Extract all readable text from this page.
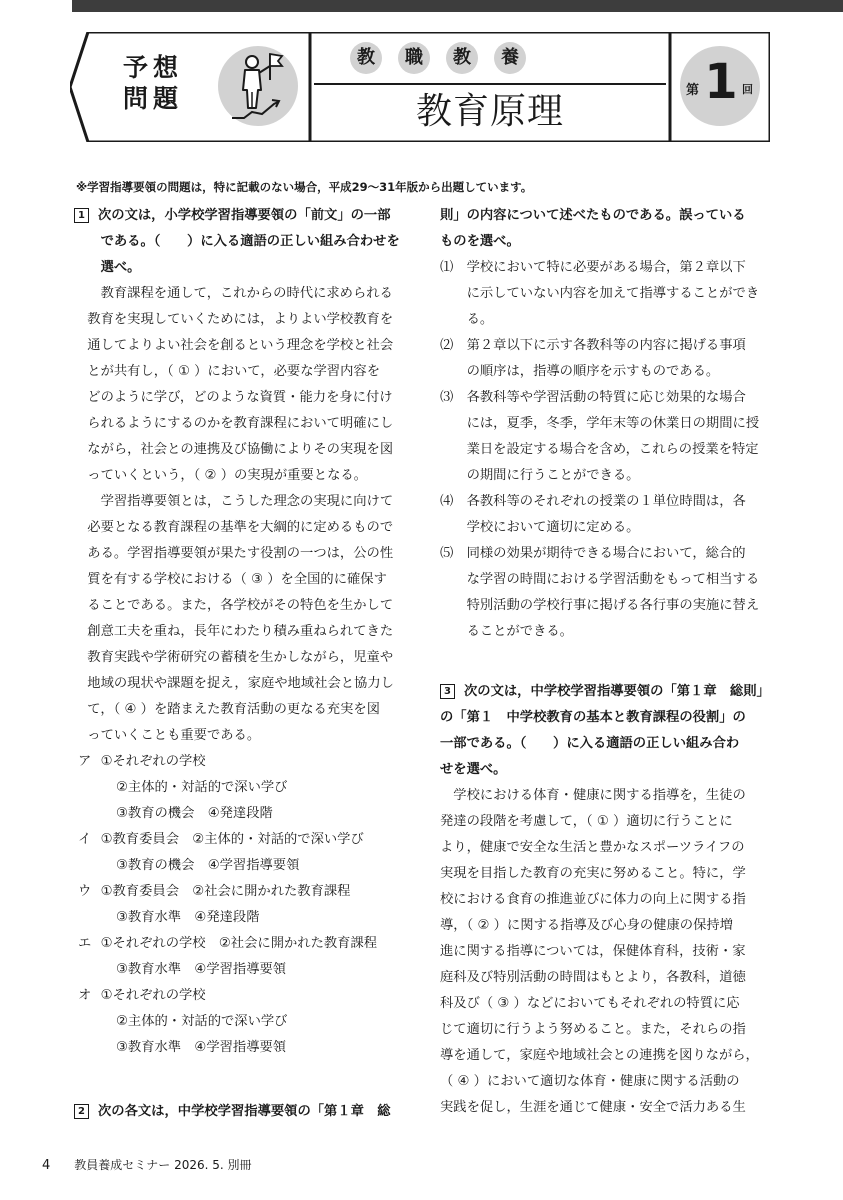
予想
問題
教	職	教	養
教育原理
第 1 回
※学習指導要領の問題は，特に記載のない場合，平成29～31年版から出題しています。
1 次の文は，小学校学習指導要領の「前文」の一部
である。（　　）に入る適語の正しい組み合わせを
選べ。
教育課程を通して，これからの時代に求められる
教育を実現していくためには，よりよい学校教育を
通してよりよい社会を創るという理念を学校と社会
とが共有し，（ ① ）において，必要な学習内容を
どのように学び，どのような資質・能力を身に付け
られるようにするのかを教育課程において明確にし
ながら，社会との連携及び協働によりその実現を図
っていくという，（ ② ）の実現が重要となる。
学習指導要領とは，こうした理念の実現に向けて
必要となる教育課程の基準を大綱的に定めるもので
ある。学習指導要領が果たす役割の一つは，公の性
質を有する学校における（ ③ ）を全国的に確保す
ることである。また，各学校がその特色を生かして
創意工夫を重ね，長年にわたり積み重ねられてきた
教育実践や学術研究の蓄積を生かしながら，児童や
地域の現状や課題を捉え，家庭や地域社会と協力し
て，（ ④ ）を踏まえた教育活動の更なる充実を図
っていくことも重要である。
ア ①それぞれの学校
②主体的・対話的で深い学び
③教育の機会　④発達段階
イ ①教育委員会　②主体的・対話的で深い学び
③教育の機会　④学習指導要領
ウ ①教育委員会　②社会に開かれた教育課程
③教育水準　④発達段階
エ ①それぞれの学校　②社会に開かれた教育課程
③教育水準　④学習指導要領
オ ①それぞれの学校
②主体的・対話的で深い学び
③教育水準　④学習指導要領
2 次の各文は，中学校学習指導要領の「第１章　総
則」の内容について述べたものである。誤っている
ものを選べ。
⑴ 学校において特に必要がある場合，第２章以下
に示していない内容を加えて指導することができ
る。
⑵ 第２章以下に示す各教科等の内容に掲げる事項
の順序は，指導の順序を示すものである。
⑶ 各教科等や学習活動の特質に応じ効果的な場合
には，夏季，冬季，学年末等の休業日の期間に授
業日を設定する場合を含め，これらの授業を特定
の期間に行うことができる。
⑷ 各教科等のそれぞれの授業の１単位時間は，各
学校において適切に定める。
⑸ 同様の効果が期待できる場合において，総合的
な学習の時間における学習活動をもって相当する
特別活動の学校行事に掲げる各行事の実施に替え
ることができる。
3 次の文は，中学校学習指導要領の「第１章　総則」
の「第１　中学校教育の基本と教育課程の役割」の
一部である。（　　）に入る適語の正しい組み合わ
せを選べ。
学校における体育・健康に関する指導を，生徒の
発達の段階を考慮して，（ ① ）適切に行うことに
より，健康で安全な生活と豊かなスポーツライフの
実現を目指した教育の充実に努めること。特に，学
校における食育の推進並びに体力の向上に関する指
導，（ ② ）に関する指導及び心身の健康の保持増
進に関する指導については，保健体育科，技術・家
庭科及び特別活動の時間はもとより，各教科，道徳
科及び（ ③ ）などにおいてもそれぞれの特質に応
じて適切に行うよう努めること。また，それらの指
導を通して，家庭や地域社会との連携を図りながら，
（ ④ ）において適切な体育・健康に関する活動の
実践を促し，生涯を通じて健康・安全で活力ある生
4 教員養成セミナー 2026. 5. 別冊
